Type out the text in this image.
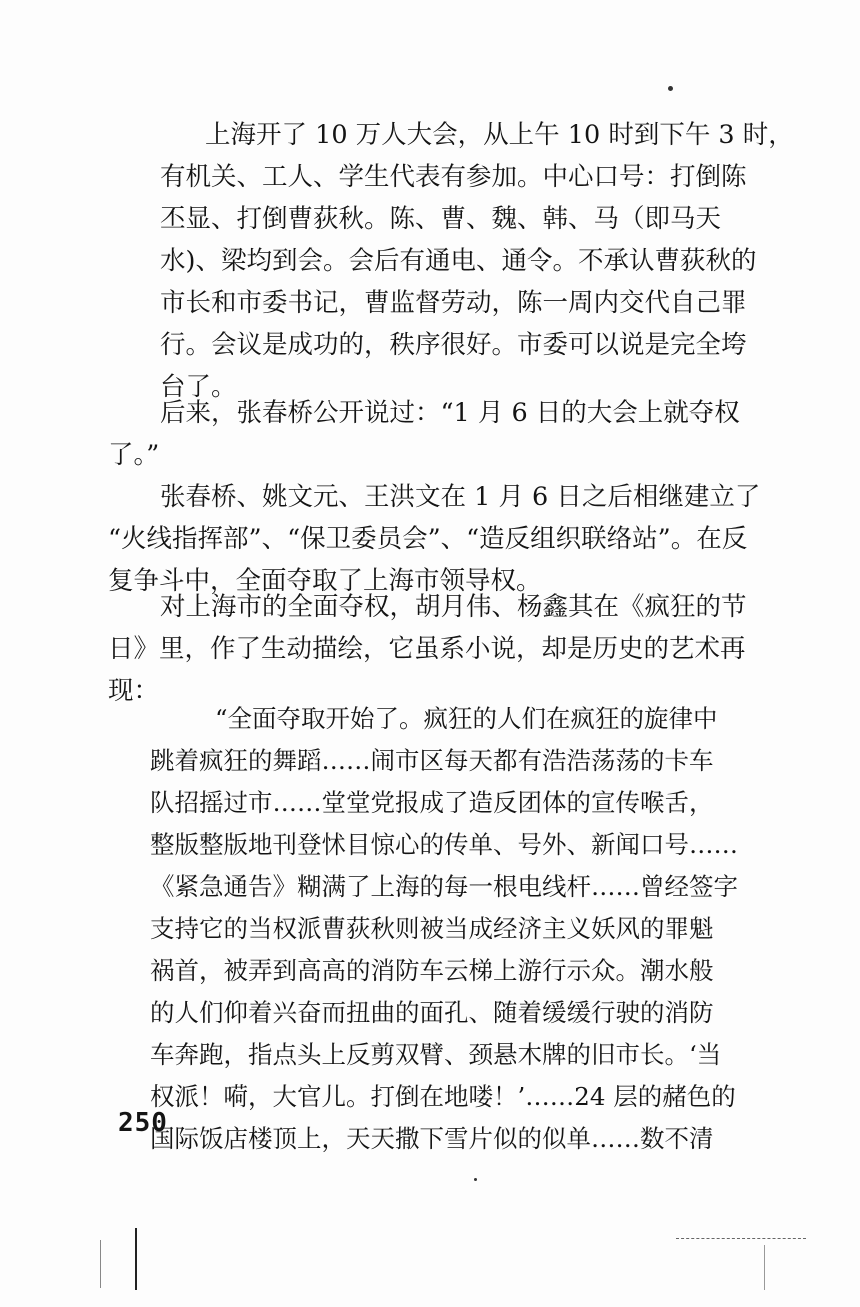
上海开了 10 万人大会，从上午 10 时到下午 3 时，

有机关、工人、学生代表有参加。中心口号：打倒陈

丕显、打倒曹荻秋。陈、曹、魏、韩、马（即马天

水)、梁均到会。会后有通电、通令。不承认曹荻秋的

市长和市委书记，曹监督劳动，陈一周内交代自己罪

行。会议是成功的，秩序很好。市委可以说是完全垮

台了。

后来，张春桥公开说过：“1 月 6 日的大会上就夺权

了。”

张春桥、姚文元、王洪文在 1 月 6 日之后相继建立了

“火线指挥部”、“保卫委员会”、“造反组织联络站”。在反

复争斗中，全面夺取了上海市领导权。

对上海市的全面夺权，胡月伟、杨鑫其在《疯狂的节

日》里，作了生动描绘，它虽系小说，却是历史的艺术再

现：

“全面夺取开始了。疯狂的人们在疯狂的旋律中

跳着疯狂的舞蹈……闹市区每天都有浩浩荡荡的卡车

队招摇过市……堂堂党报成了造反团体的宣传喉舌，

整版整版地刊登怵目惊心的传单、号外、新闻口号……

《紧急通告》糊满了上海的每一根电线杆……曾经签字

支持它的当权派曹荻秋则被当成经济主义妖风的罪魁

祸首，被弄到高高的消防车云梯上游行示众。潮水般

的人们仰着兴奋而扭曲的面孔、随着缓缓行驶的消防

车奔跑，指点头上反剪双臂、颈悬木牌的旧市长。‘当

权派！嗬，大官儿。打倒在地喽！’……24 层的赭色的

国际饭店楼顶上，天天撒下雪片似的似单……数不清

250
